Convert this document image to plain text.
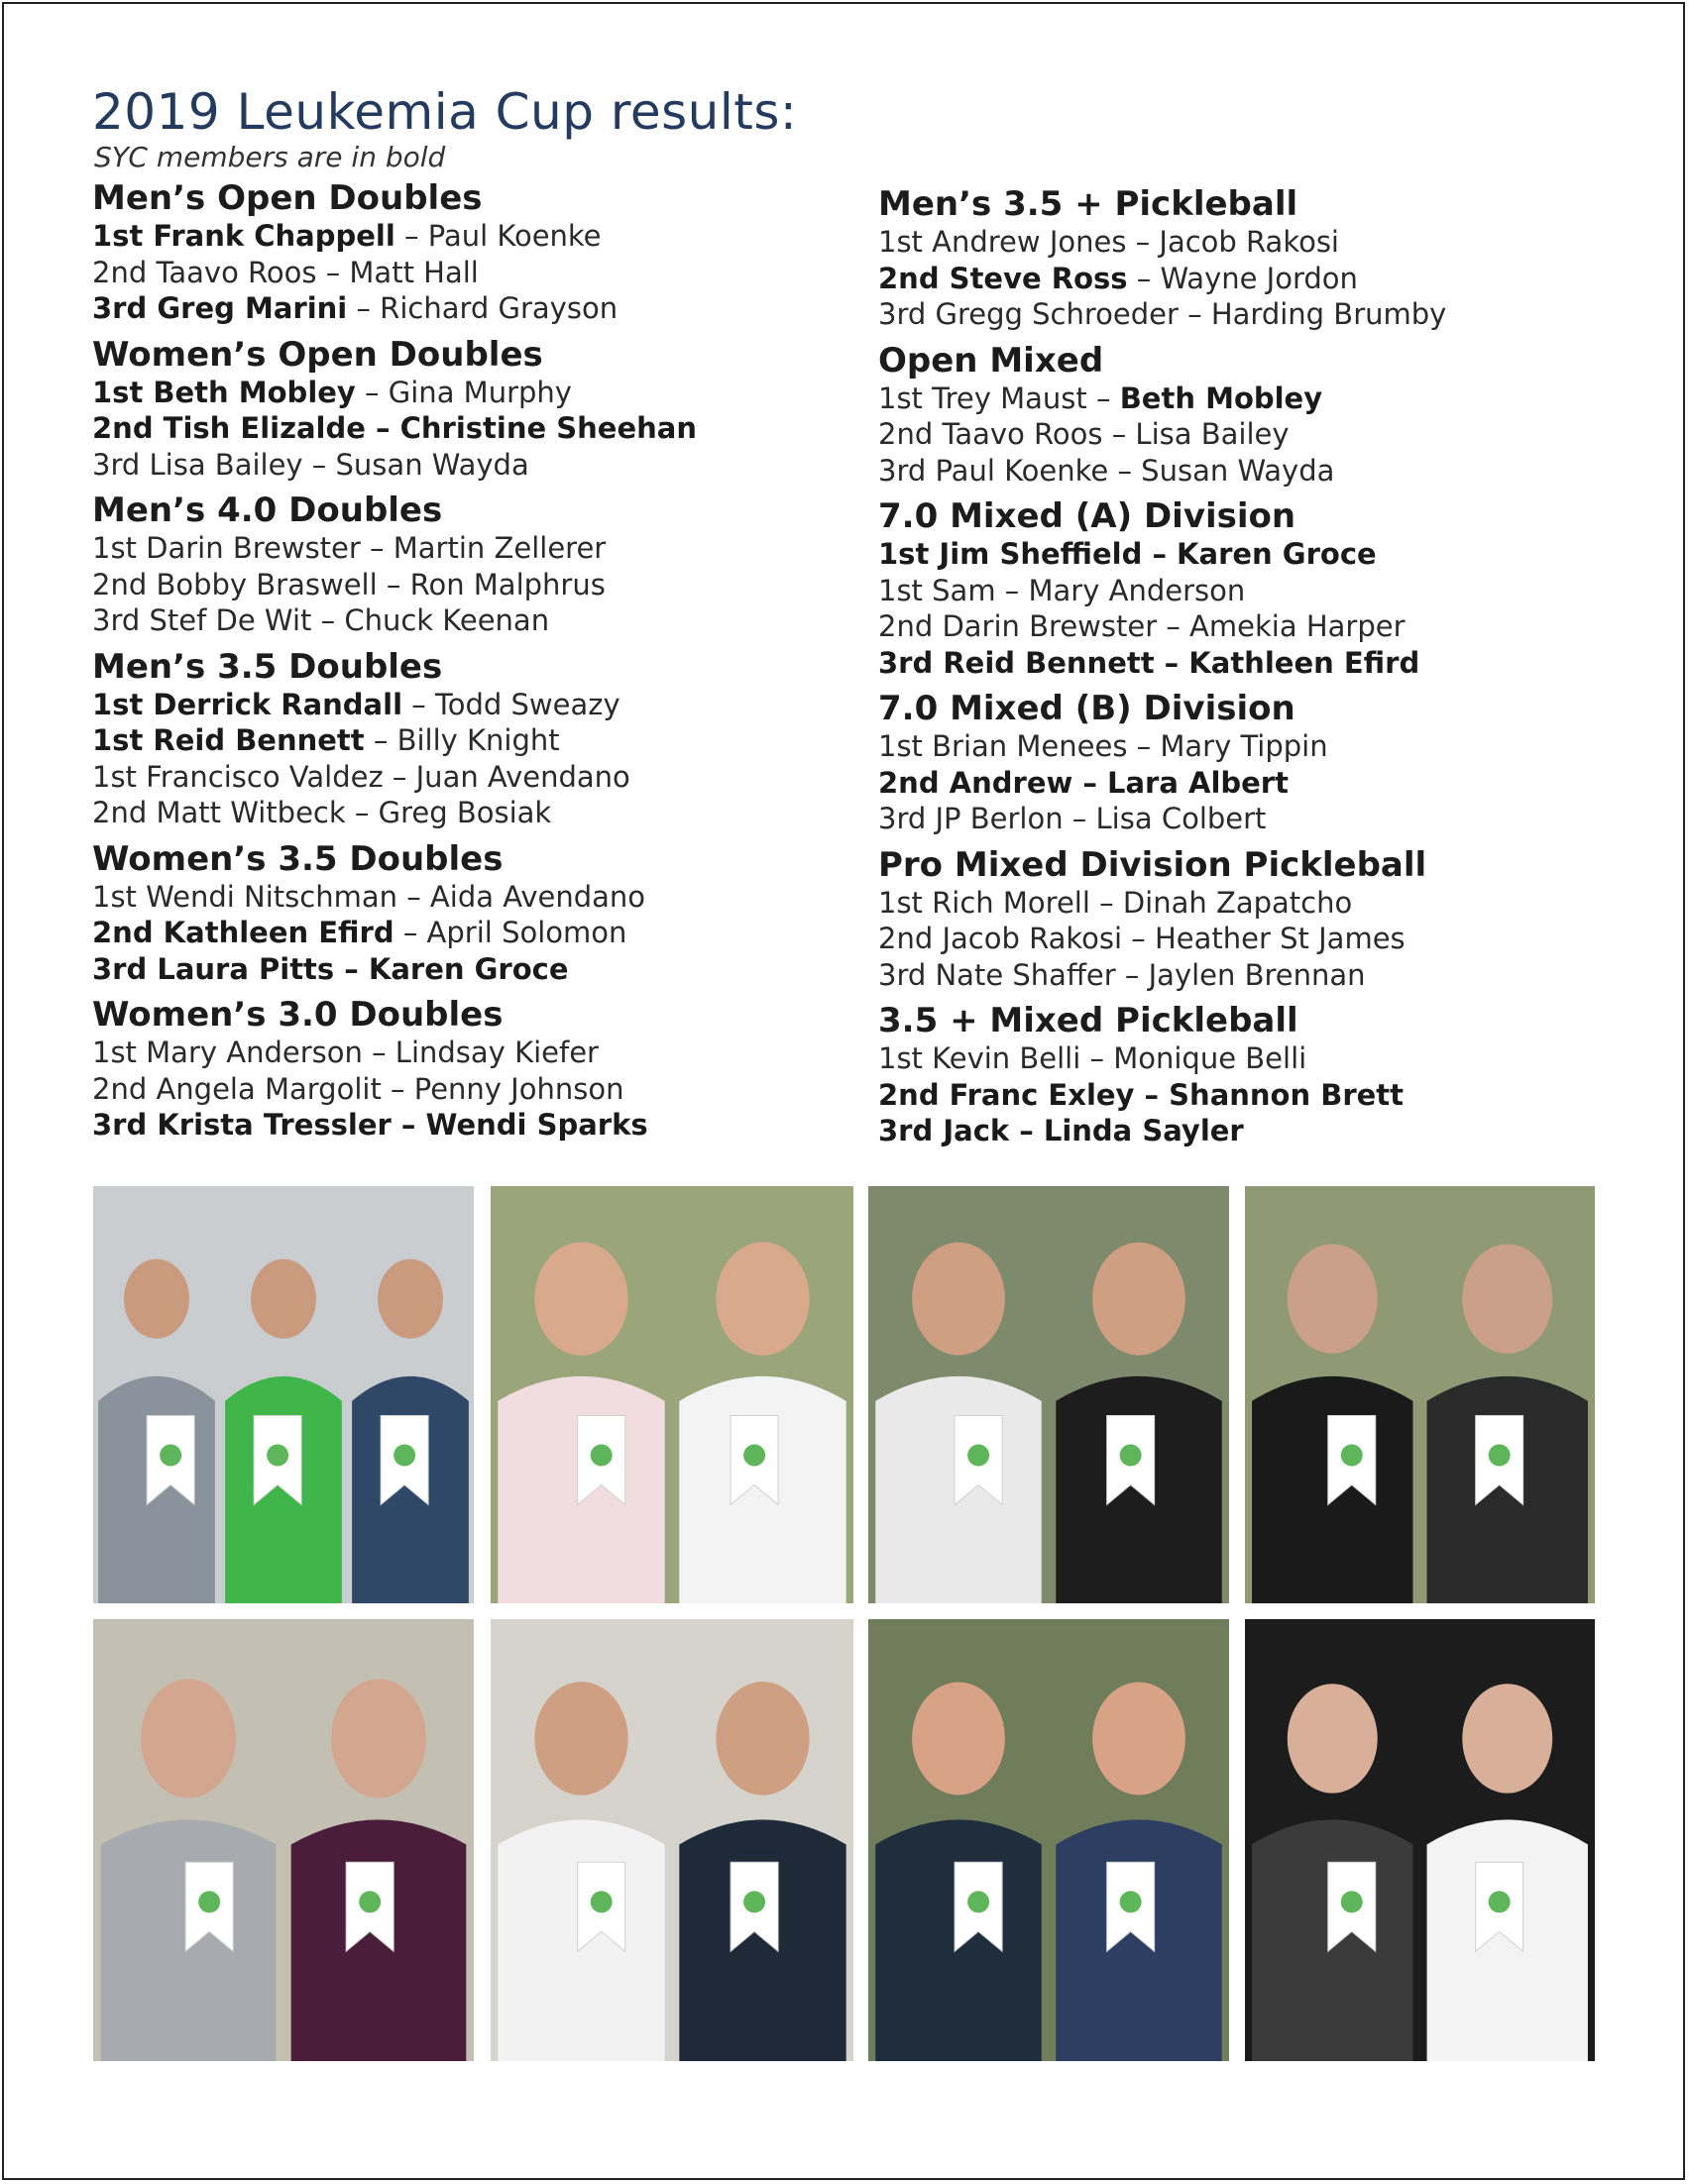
2019 Leukemia Cup results:
SYC members are in bold
Men’s Open Doubles
1st Frank Chappell – Paul Koenke
2nd Taavo Roos – Matt Hall
3rd Greg Marini – Richard Grayson
Women’s Open Doubles
1st Beth Mobley – Gina Murphy
2nd Tish Elizalde – Christine Sheehan
3rd Lisa Bailey – Susan Wayda
Men’s 4.0 Doubles
1st Darin Brewster – Martin Zellerer
2nd Bobby Braswell – Ron Malphrus
3rd Stef De Wit – Chuck Keenan
Men’s 3.5 Doubles
1st Derrick Randall – Todd Sweazy
1st Reid Bennett – Billy Knight
1st Francisco Valdez – Juan Avendano
2nd Matt Witbeck – Greg Bosiak
Women’s 3.5 Doubles
1st Wendi Nitschman – Aida Avendano
2nd Kathleen Efird – April Solomon
3rd Laura Pitts – Karen Groce
Women’s 3.0 Doubles
1st Mary Anderson – Lindsay Kiefer
2nd Angela Margolit – Penny Johnson
3rd Krista Tressler – Wendi Sparks
Men’s 3.5 + Pickleball
1st Andrew Jones – Jacob Rakosi
2nd Steve Ross – Wayne Jordon
3rd Gregg Schroeder – Harding Brumby
Open Mixed
1st Trey Maust – Beth Mobley
2nd Taavo Roos – Lisa Bailey
3rd Paul Koenke – Susan Wayda
7.0 Mixed (A) Division
1st Jim Sheffield – Karen Groce
1st Sam – Mary Anderson
2nd Darin Brewster – Amekia Harper
3rd Reid Bennett – Kathleen Efird
7.0 Mixed (B) Division
1st Brian Menees – Mary Tippin
2nd Andrew – Lara Albert
3rd JP Berlon – Lisa Colbert
Pro Mixed Division Pickleball
1st Rich Morell – Dinah Zapatcho
2nd Jacob Rakosi – Heather St James
3rd Nate Shaffer – Jaylen Brennan
3.5 + Mixed Pickleball
1st Kevin Belli – Monique Belli
2nd Franc Exley – Shannon Brett
3rd Jack – Linda Sayler
